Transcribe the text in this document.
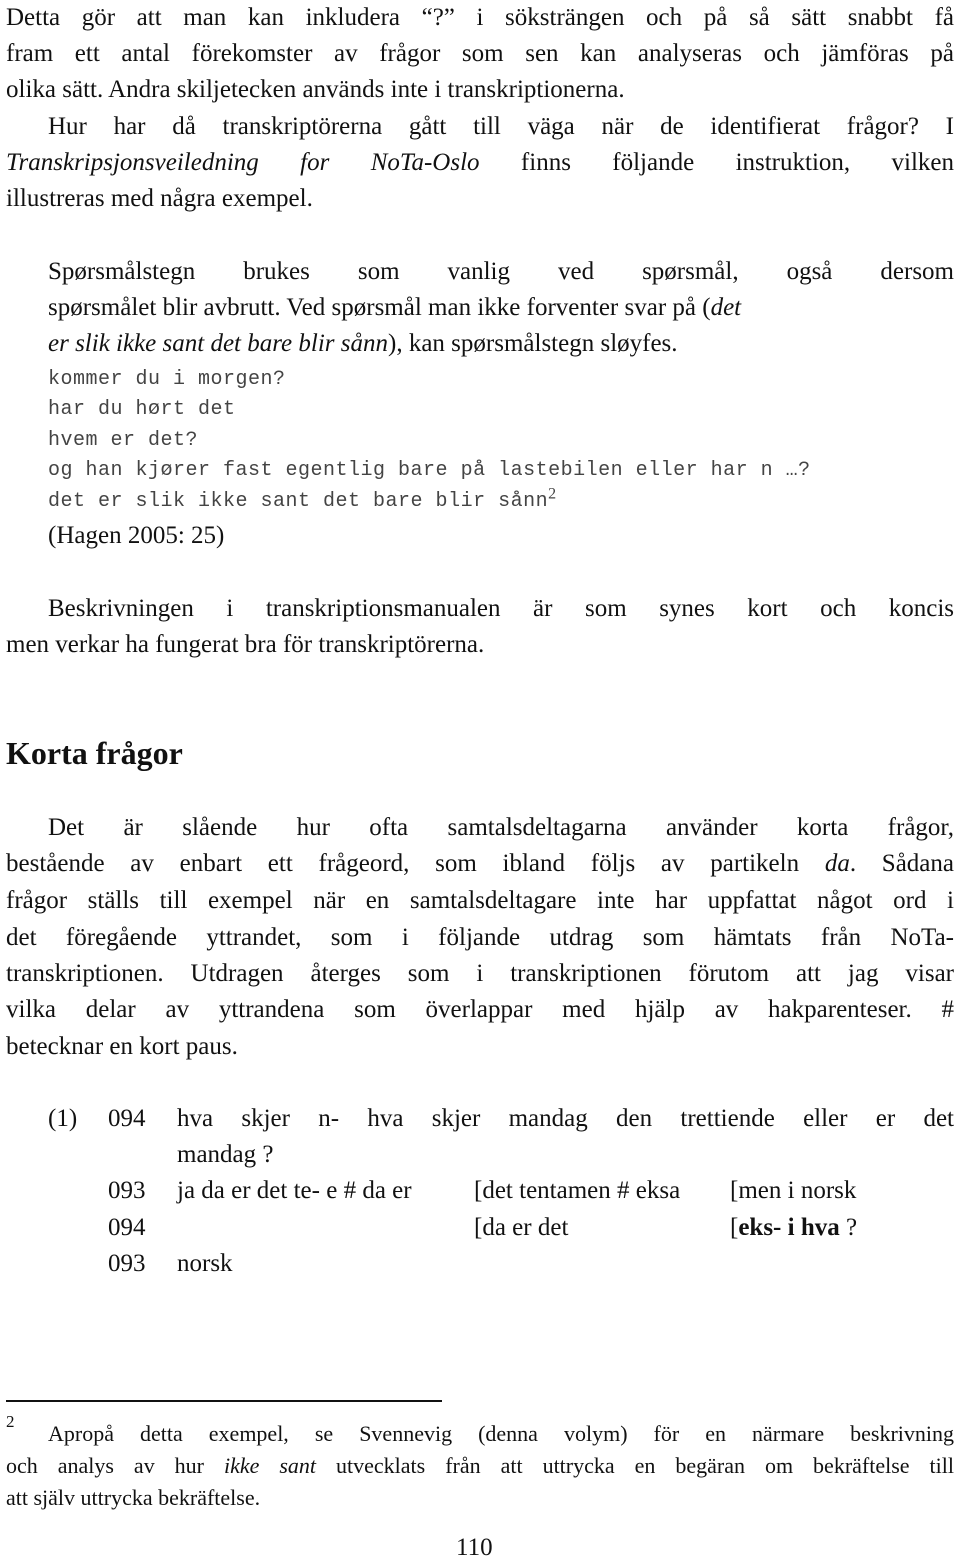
Detta gör att man kan inkludera “?” i söksträngen och på så sätt snabbt få
fram ett antal förekomster av frågor som sen kan analyseras och jämföras på
olika sätt. Andra skiljetecken används inte i transkriptionerna.
Hur har då transkriptörerna gått till väga när de identifierat frågor? I
Transkripsjonsveiledning for NoTa-Oslo finns följande instruktion, vilken
illustreras med några exempel.
Spørsmålstegn brukes som vanlig ved spørsmål, også dersom
spørsmålet blir avbrutt. Ved spørsmål man ikke forventer svar på (det
er slik ikke sant det bare blir sånn), kan spørsmålstegn sløyfes.
kommer du i morgen?
har du hørt det
hvem er det?
og han kjører fast egentlig bare på lastebilen eller har n …?
det er slik ikke sant det bare blir sånn$^2$
(Hagen 2005: 25)
Beskrivningen i transkriptionsmanualen är som synes kort och koncis
men verkar ha fungerat bra för transkriptörerna.
Korta frågor
Det är slående hur ofta samtalsdeltagarna använder korta frågor,
bestående av enbart ett frågeord, som ibland följs av partikeln da. Sådana
frågor ställs till exempel när en samtalsdeltagare inte har uppfattat något ord i
det föregående yttrandet, som i följande utdrag som hämtats från NoTa-
transkriptionen. Utdragen återges som i transkriptionen förutom att jag visar
vilka delar av yttrandena som överlappar med hjälp av hakparenteser. #
betecknar en kort paus.
(1) 094 hva skjer n- hva skjer mandag den trettiende eller er det
mandag ?
093 ja da er det te- e # da er [det tentamen # eksa [men i norsk
094	[da er det	[eks- i hva ?
093 norsk
2 Apropå detta exempel, se Svennevig (denna volym) för en närmare beskrivning
och analys av hur ikke sant utvecklats från att uttrycka en begäran om bekräftelse till
att själv uttrycka bekräftelse.
110
